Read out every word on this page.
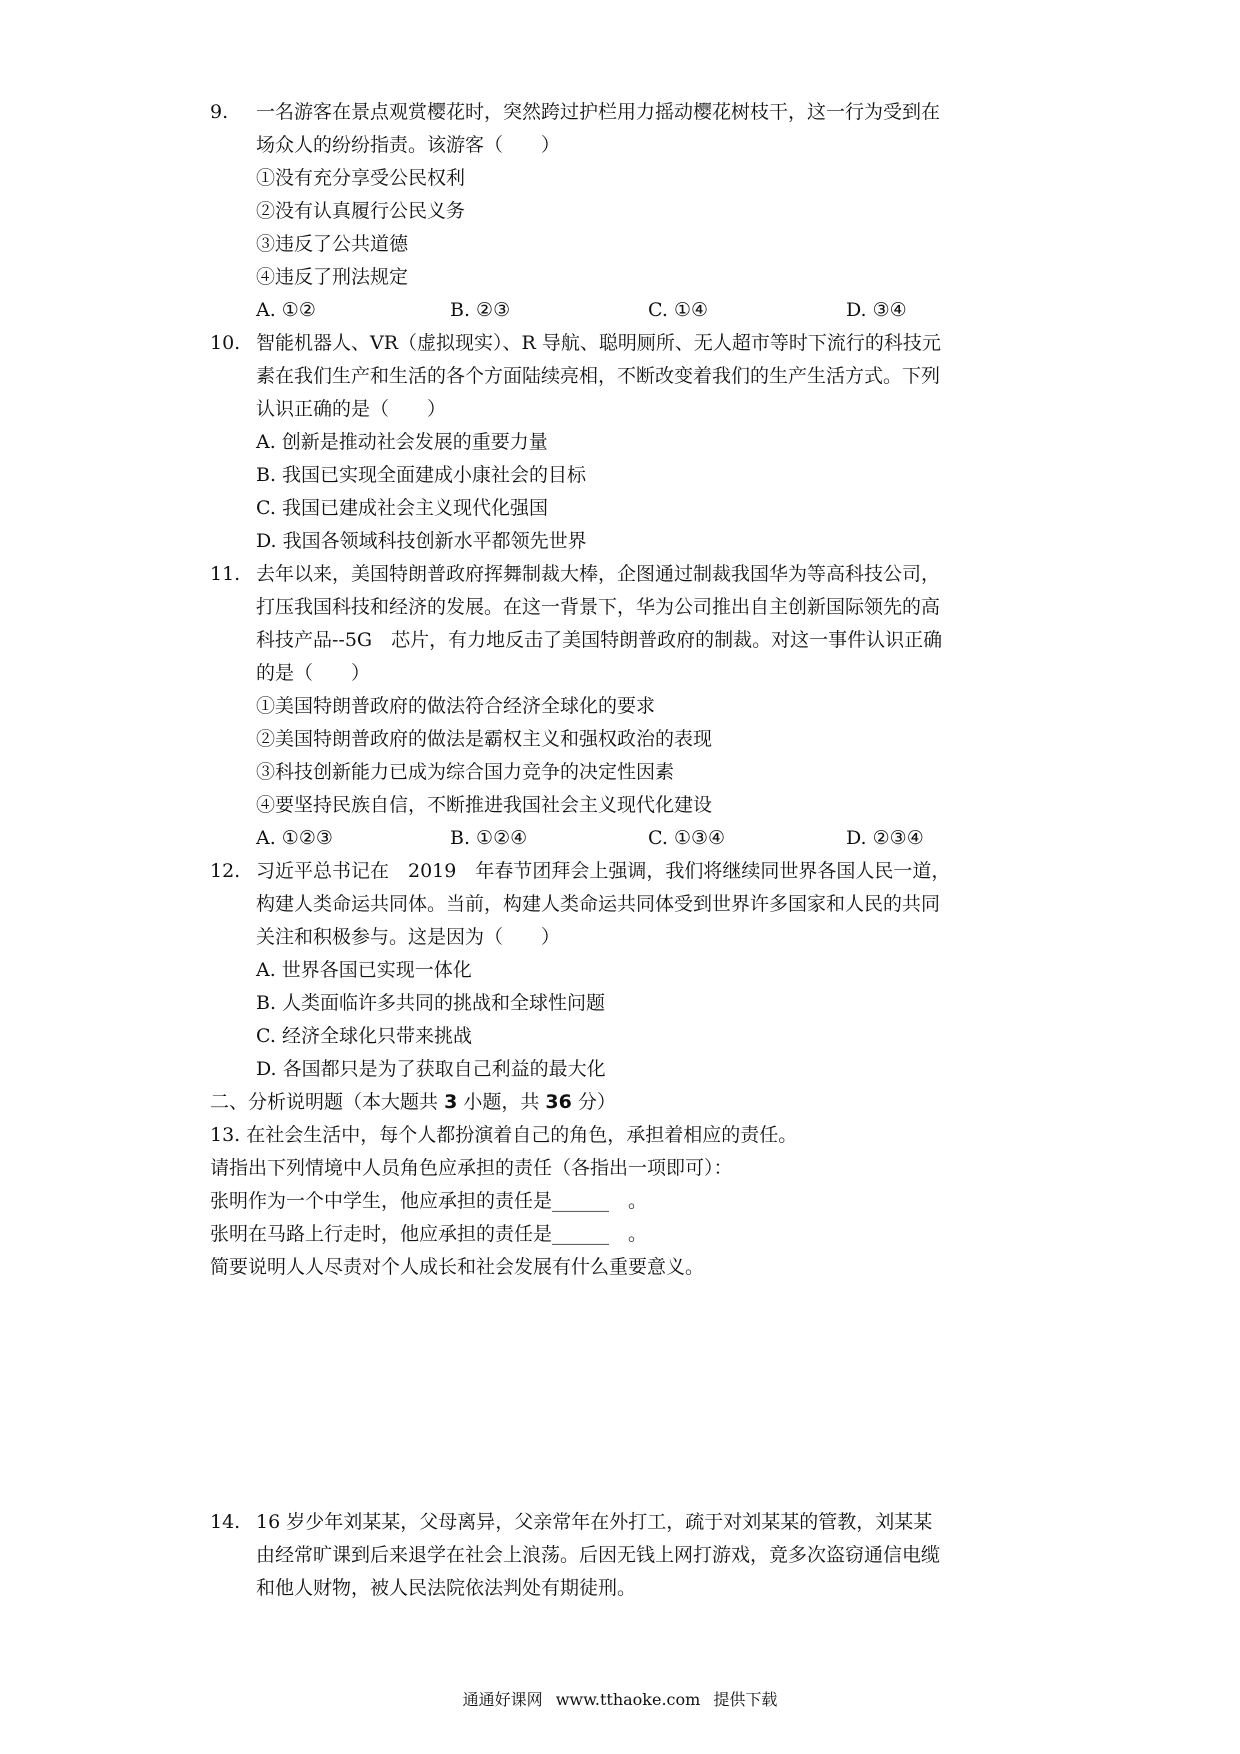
9. 一名游客在景点观赏樱花时，突然跨过护栏用力摇动樱花树枝干，这一行为受到在
场众人的纷纷指责。该游客（　　）
①没有充分享受公民权利
②没有认真履行公民义务
③违反了公共道德
④违反了刑法规定
A. ①②	B. ②③	C. ①④	D. ③④
10. 智能机器人、VR（虚拟现实）、R 导航、聪明厕所、无人超市等时下流行的科技元
素在我们生产和生活的各个方面陆续亮相，不断改变着我们的生产生活方式。下列
认识正确的是（　　）
A. 创新是推动社会发展的重要力量
B. 我国已实现全面建成小康社会的目标
C. 我国已建成社会主义现代化强国
D. 我国各领域科技创新水平都领先世界
11. 去年以来，美国特朗普政府挥舞制裁大棒，企图通过制裁我国华为等高科技公司，
打压我国科技和经济的发展。在这一背景下，华为公司推出自主创新国际领先的高
科技产品--5G　芯片，有力地反击了美国特朗普政府的制裁。对这一事件认识正确
的是（　　）
①美国特朗普政府的做法符合经济全球化的要求
②美国特朗普政府的做法是霸权主义和强权政治的表现
③科技创新能力已成为综合国力竞争的决定性因素
④要坚持民族自信，不断推进我国社会主义现代化建设
A. ①②③	B. ①②④	C. ①③④	D. ②③④
12. 习近平总书记在　2019　年春节团拜会上强调，我们将继续同世界各国人民一道，
构建人类命运共同体。当前，构建人类命运共同体受到世界许多国家和人民的共同
关注和积极参与。这是因为（　　）
A. 世界各国已实现一体化
B. 人类面临许多共同的挑战和全球性问题
C. 经济全球化只带来挑战
D. 各国都只是为了获取自己利益的最大化
二、分析说明题（本大题共 3 小题，共 36 分）
13. 在社会生活中，每个人都扮演着自己的角色，承担着相应的责任。
请指出下列情境中人员角色应承担的责任（各指出一项即可）：
张明作为一个中学生，他应承担的责任是______　。
张明在马路上行走时，他应承担的责任是______　。
简要说明人人尽责对个人成长和社会发展有什么重要意义。
14. 16 岁少年刘某某，父母离异，父亲常年在外打工，疏于对刘某某的管教，刘某某
由经常旷课到后来退学在社会上浪荡。后因无钱上网打游戏，竟多次盗窃通信电缆
和他人财物，被人民法院依法判处有期徒刑。
通通好课网 www.tthaoke.com 提供下载
